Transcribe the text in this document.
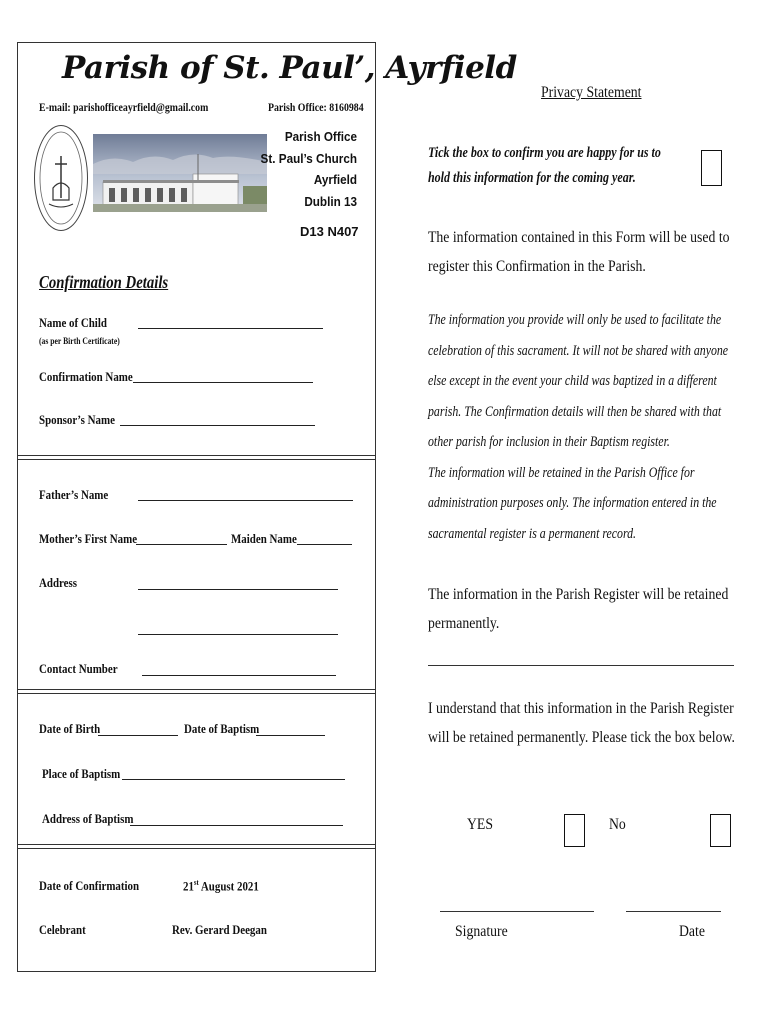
Parish of St. Paul’, Ayrfield
E-mail: parishofficeayrfield@gmail.com	Parish Office: 8160984
Parish Office
St. Paul’s Church
Ayrfield
Dublin 13
D13 N407
Confirmation Details
Name of Child
(as per Birth Certificate)
Confirmation Name
Sponsor’s Name
Father’s Name
Mother’s First Name	Maiden Name
Address
Contact Number
Date of Birth	Date of Baptism
Place of Baptism
Address of Baptism
Date of Confirmation	21st August 2021
Celebrant	Rev. Gerard Deegan
Privacy Statement
Tick the box to confirm you are happy for us to
hold this information for the coming year.
The information contained in this Form will be used to
register this Confirmation in the Parish.
The information you provide will only be used to facilitate the
celebration of this sacrament. It will not be shared with anyone
else except in the event your child was baptized in a different
parish. The Confirmation details will then be shared with that
other parish for inclusion in their Baptism register.
The information will be retained in the Parish Office for
administration purposes only. The information entered in the
sacramental register is a permanent record.
The information in the Parish Register will be retained
permanently.
I understand that this information in the Parish Register
will be retained permanently. Please tick the box below.
YES	No
Signature	Date
